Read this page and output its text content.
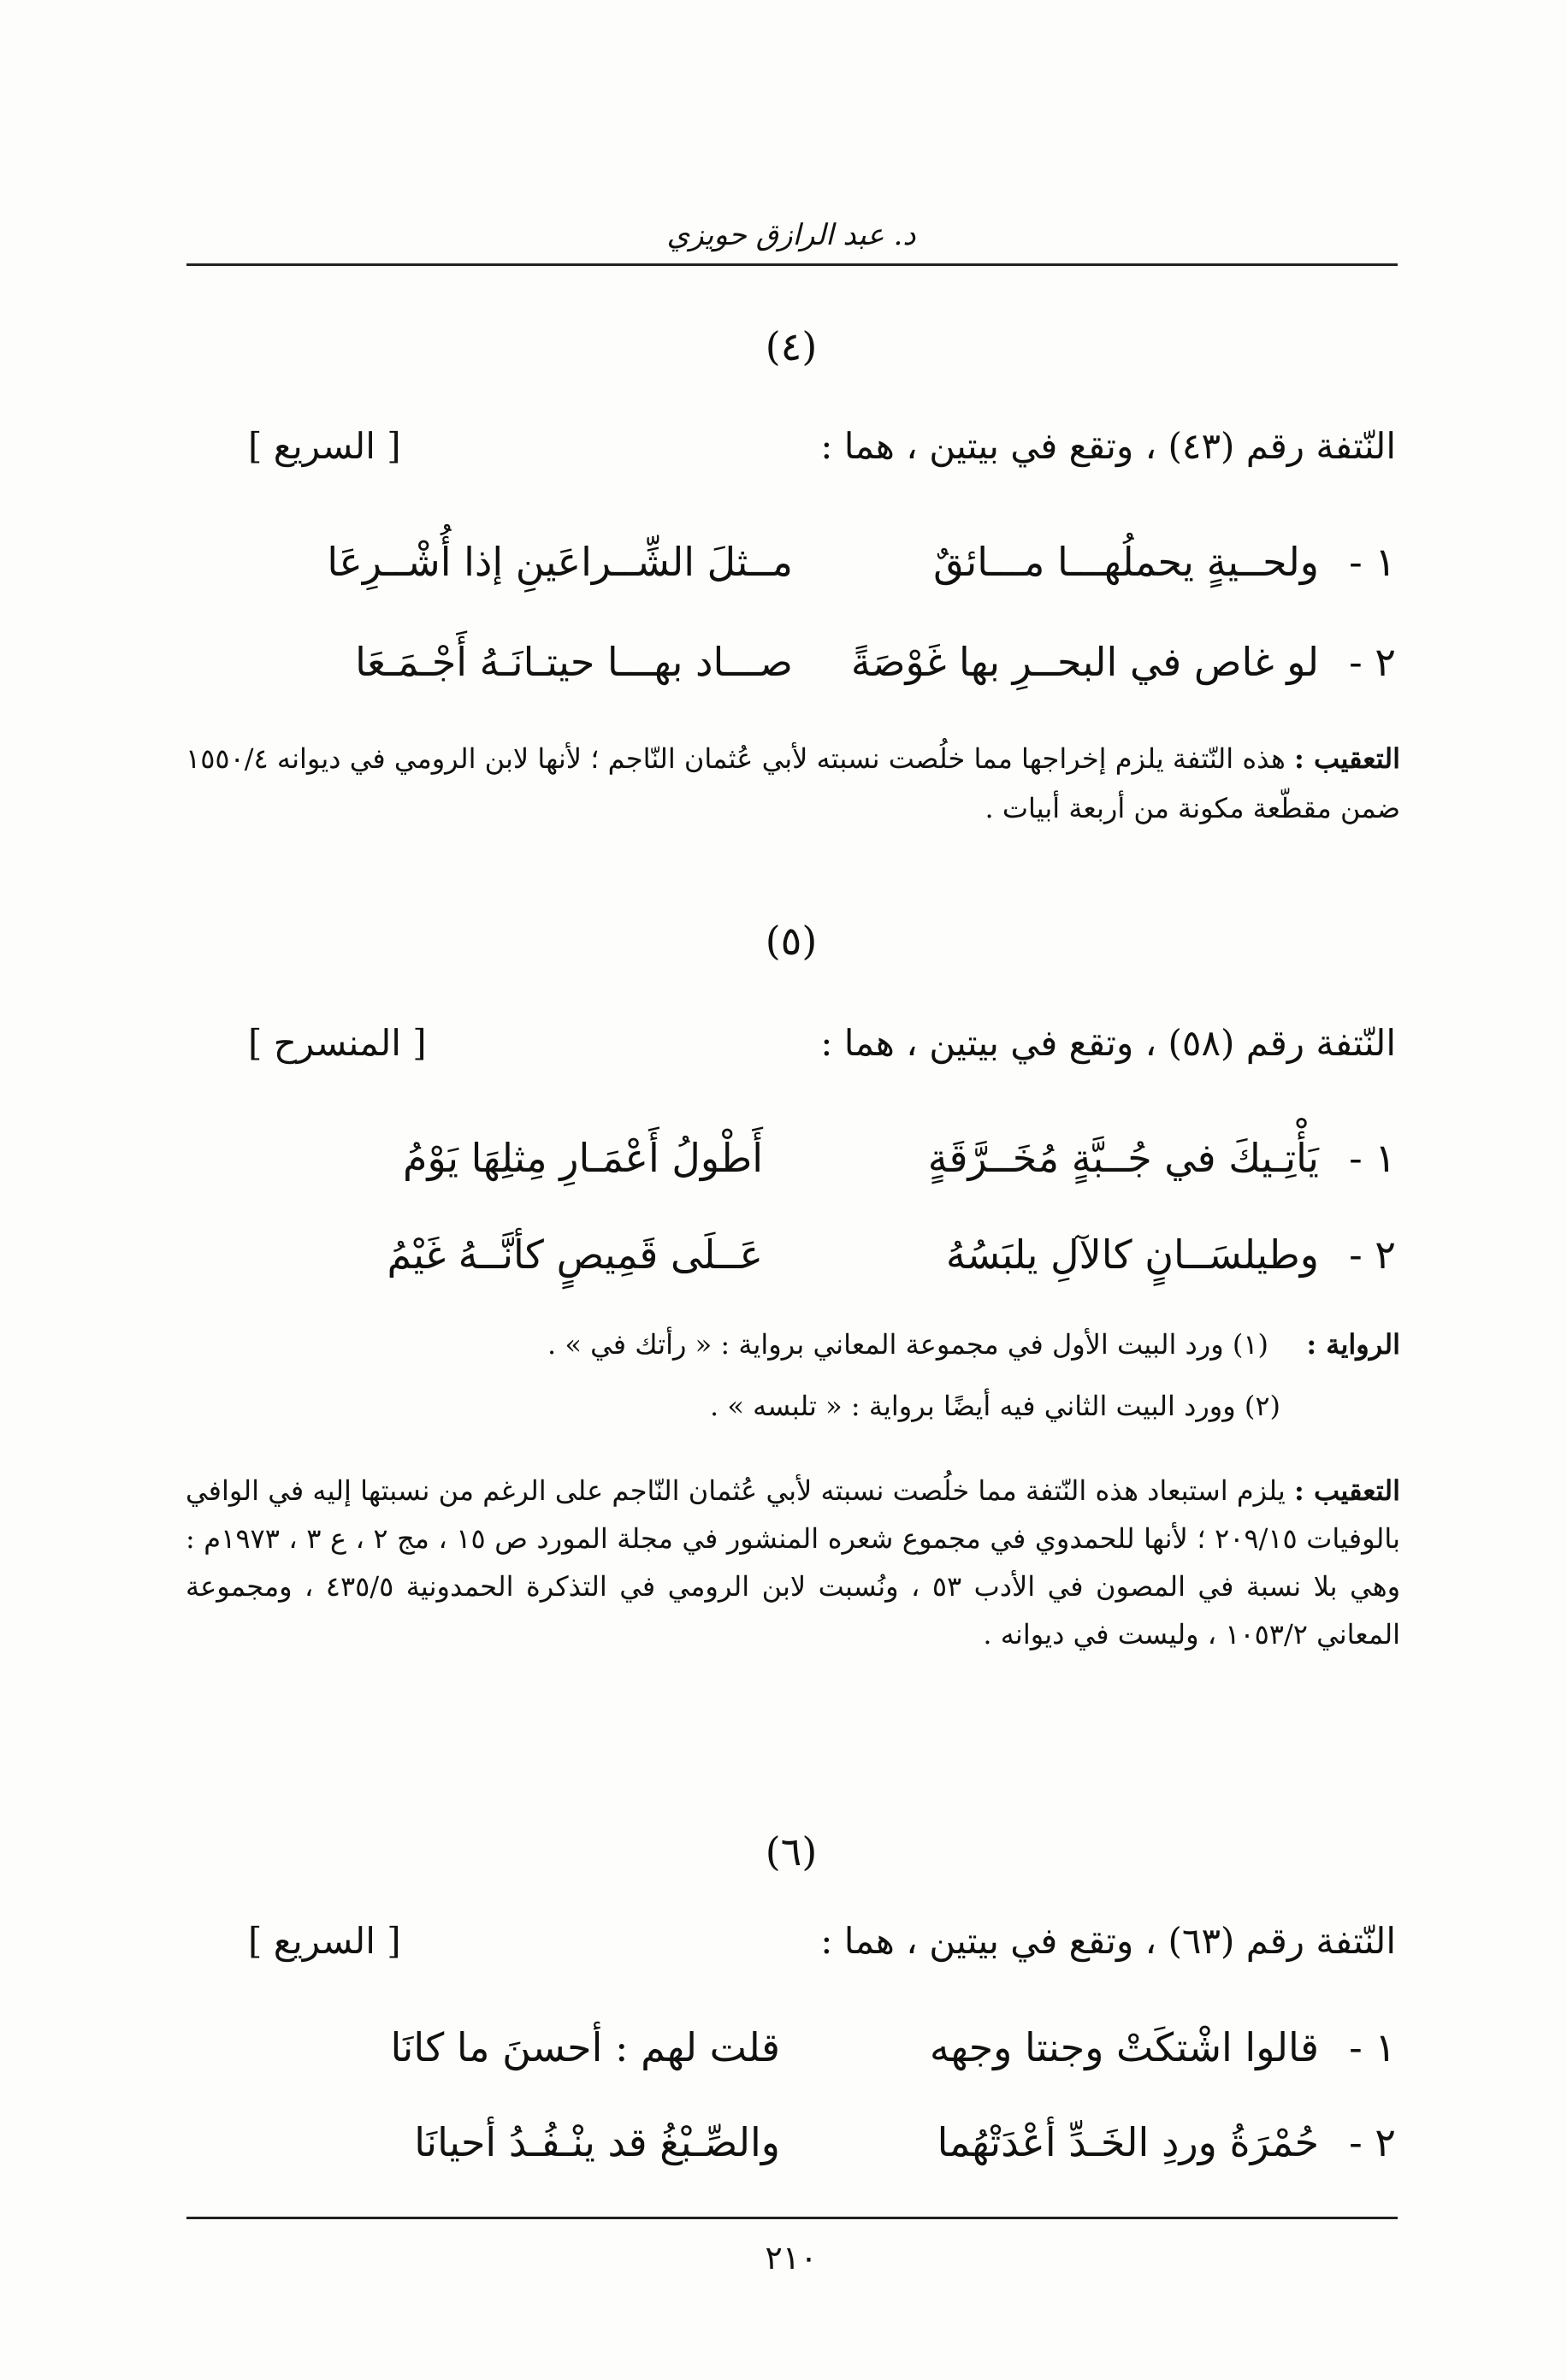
د. عبد الرازق حويزي
(٤)
النّتفة رقم (٤٣) ، وتقع في بيتين ، هما :
[ السريع ]
١ -
ولحــيةٍ يحملُهـــا مـــائقٌ
مــثلَ الشِّــراعَينِ إذا أُشْــرِعَا
٢ -
لو غاص في البحــرِ بها غَوْصَةً
صـــاد بهـــا حيتـانَـهُ أَجْـمَـعَا
التعقيب : هذه النّتفة يلزم إخراجها مما خلُصت نسبته لأبي عُثمان النّاجم ؛ لأنها لابن الرومي في ديوانه ١٥٥٠/٤ ضمن مقطّعة مكونة من أربعة أبيات .
(٥)
النّتفة رقم (٥٨) ، وتقع في بيتين ، هما :
[ المنسرح ]
١ -
يَأْتِـيكَ في جُــبَّةٍ مُخَــرَّقَةٍ
أَطْولُ أَعْمَـارِ مِثلِهَا يَوْمُ
٢ -
وطيلسَــانٍ كالآلِ يلبَسُهُ
عَــلَى قَمِيصٍ كأنَّــهُ غَيْمُ
الرواية :  (١) ورد البيت الأول في مجموعة المعاني برواية : « رأتك في » .
(٢) وورد البيت الثاني فيه أيضًا برواية : « تلبسه » .
التعقيب : يلزم استبعاد هذه النّتفة مما خلُصت نسبته لأبي عُثمان النّاجم على الرغم من نسبتها إليه في الوافي بالوفيات ٢٠٩/١٥ ؛ لأنها للحمدوي في مجموع شعره المنشور في مجلة المورد ص ١٥ ، مج ٢ ، ع ٣ ، ١٩٧٣م : وهي بلا نسبة في المصون في الأدب ٥٣ ، ونُسبت لابن الرومي في التذكرة الحمدونية ٤٣٥/٥ ، ومجموعة المعاني ١٠٥٣/٢ ، وليست في ديوانه .
(٦)
النّتفة رقم (٦٣) ، وتقع في بيتين ، هما :
[ السريع ]
١ -
قالوا اشْتكَتْ وجنتا وجهه
قلت لهم : أحسنَ ما كانَا
٢ -
حُمْرَةُ وردِ الخَـدِّ أعْدَتْهُما
والصِّـبْغُ قد ينْـفُـدُ أحيانَا
٢١٠
